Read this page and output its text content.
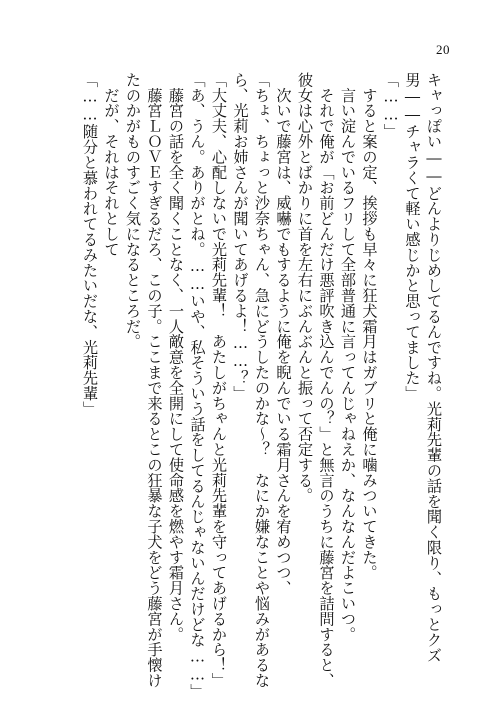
20
キャっぽい――どんよりじめしてるんですね。光莉先輩の話を聞く限り、もっとクズ
男――チャラくて軽い感じかと思ってました」
「……」
　すると案の定、挨拶も早々に狂犬霜月はガブリと俺に噛みついてきた。
　言い淀んでいるフリして全部普通に言ってんじゃねえか、なんなんだよこいつ。
　それで俺が「お前どんだけ悪評吹き込んでんの？」と無言のうちに藤宮を詰問すると、
彼女は心外とばかりに首を左右にぶんぶんと振って否定する。
　次いで藤宮は、威嚇でもするように俺を睨んでいる霜月さんを宥めつつ、
「ちょ、ちょっと沙奈ちゃん、急にどうしたのかな～？　なにか嫌なことや悩みがあるな
ら、光莉お姉さんが聞いてあげるよ！……？」
「大丈夫、心配しないで光莉先輩！　あたしがちゃんと光莉先輩を守ってあげるから！」
「あ、うん。ありがとね。……いや、私そういう話をしてるんじゃないんだけどな……」
　藤宮の話を全く聞くことなく、一人敵意を全開にして使命感を燃やす霜月さん。
　藤宮ＬＯＶＥすぎるだろ、この子。ここまで来るとこの狂暴な子犬をどう藤宮が手懐け
たのかがものすごく気になるところだ。
　だが、それはそれとして
「……随分と慕われてるみたいだな、光莉先輩」
